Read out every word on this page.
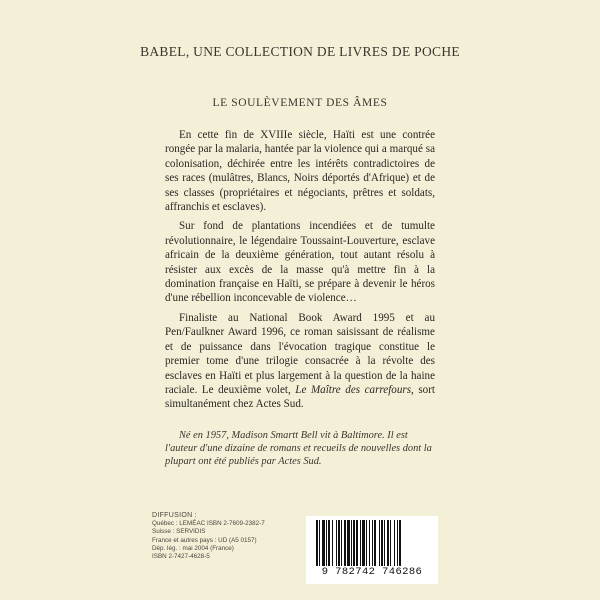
BABEL, UNE COLLECTION DE LIVRES DE POCHE
LE SOULÈVEMENT DES ÂMES

En cette fin de XVIIIe siècle, Haïti est une contrée rongée par la malaria, hantée par la violence qui a marqué sa colonisation, déchirée entre les intérêts contradictoires de ses races (mulâtres, Blancs, Noirs déportés d'Afrique) et de ses classes (propriétaires et négociants, prêtres et soldats, affranchis et esclaves).

Sur fond de plantations incendiées et de tumulte révolutionnaire, le légendaire Toussaint-Louverture, esclave africain de la deuxième génération, tout autant résolu à résister aux excès de la masse qu'à mettre fin à la domination française en Haïti, se prépare à devenir le héros d'une rébellion inconcevable de violence…

Finaliste au National Book Award 1995 et au Pen/Faulkner Award 1996, ce roman saisissant de réalisme et de puissance dans l'évocation tragique constitue le premier tome d'une trilogie consacrée à la révolte des esclaves en Haïti et plus largement à la question de la haine raciale. Le deuxième volet, Le Maître des carrefours, sort simultanément chez Actes Sud.

Né en 1957, Madison Smartt Bell vit à Baltimore. Il est l'auteur d'une dizaine de romans et recueils de nouvelles dont la plupart ont été publiés par Actes Sud.
DIFFUSION :
Québec : LEMÉAC ISBN 2-7609-2382-7
Suisse : SERVIDIS
France et autres pays : UD (A5 0157)
Dép. lég. : mai 2004 (France)
ISBN 2-7427-4628-5
9 782742 746286
